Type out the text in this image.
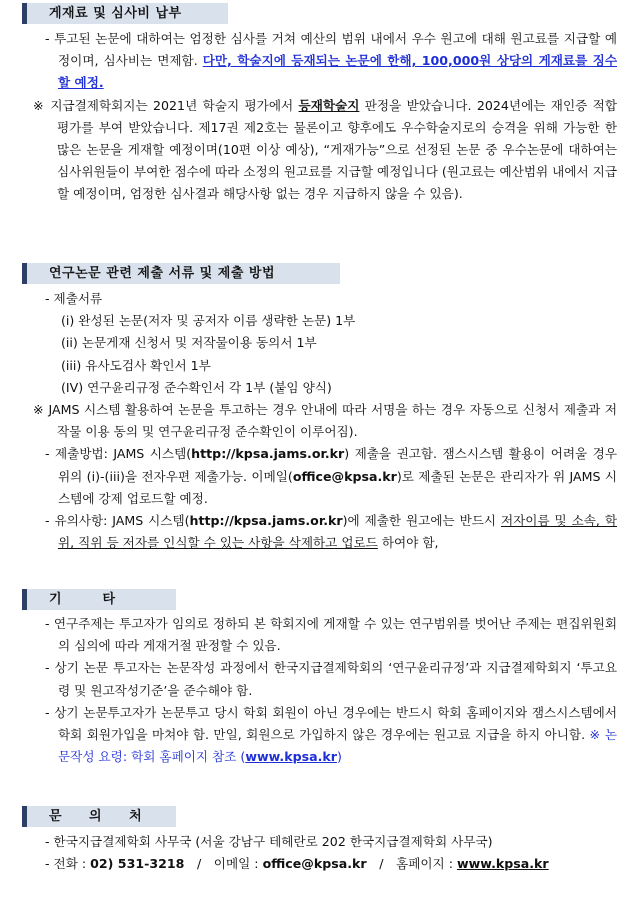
게재료 및 심사비 납부

- 투고된 논문에 대하여는 엄정한 심사를 거쳐 예산의 범위 내에서 우수 원고에 대해 원고료를 지급할 예정이며, 심사비는 면제함. 다만, 학술지에 등재되는 논문에 한해, 100,000원 상당의 게재료를 징수할 예정.

※ 지급결제학회지는 2021년 학술지 평가에서 등재학술지 판정을 받았습니다. 2024년에는 재인증 적합 평가를 부여 받았습니다. 제17권 제2호는 물론이고 향후에도 우수학술지로의 승격을 위해 가능한 한 많은 논문을 게재할 예정이며(10편 이상 예상), “게재가능”으로 선정된 논문 중 우수논문에 대하여는 심사위원들이 부여한 점수에 따라 소정의 원고료를 지급할 예정입니다 (원고료는 예산범위 내에서 지급할 예정이며, 엄정한 심사결과 해당사항 없는 경우 지급하지 않을 수 있음).

연구논문 관련 제출 서류 및 제출 방법

- 제출서류

(i) 완성된 논문(저자 및 공저자 이름 생략한 논문) 1부

(ii) 논문게재 신청서 및 저작물이용 동의서 1부

(iii) 유사도검사 확인서 1부

(IV) 연구윤리규정 준수확인서 각 1부 (붙임 양식)

※ JAMS 시스템 활용하여 논문을 투고하는 경우 안내에 따라 서명을 하는 경우 자동으로 신청서 제출과 저작물 이용 동의 및 연구윤리규정 준수확인이 이루어짐).

- 제출방법: JAMS 시스템(http://kpsa.jams.or.kr) 제출을 권고함. 잼스시스템 활용이 어려울 경우 위의 (i)-(iii)을 전자우편 제출가능. 이메일(office@kpsa.kr)로 제출된 논문은 관리자가 위 JAMS 시스템에 강제 업로드할 예정.

- 유의사항: JAMS 시스템(http://kpsa.jams.or.kr)에 제출한 원고에는 반드시 저자이름 및 소속, 학위, 직위 등 저자를 인식할 수 있는 사항을 삭제하고 업로드 하여야 함,

기　　　타

- 연구주제는 투고자가 임의로 정하되 본 학회지에 게재할 수 있는 연구범위를 벗어난 주제는 편집위원회의 심의에 따라 게재거절 판정할 수 있음.

- 상기 논문 투고자는 논문작성 과정에서 한국지급결제학회의 ‘연구윤리규정’과 지급결제학회지 ‘투고요령 및 원고작성기준’을 준수해야 함.

- 상기 논문투고자가 논문투고 당시 학회 회원이 아닌 경우에는 반드시 학회 홈페이지와 잼스시스템에서 학회 회원가입을 마쳐야 함. 만일, 회원으로 가입하지 않은 경우에는 원고료 지급을 하지 아니함. ※ 논문작성 요령: 학회 홈페이지 참조 (www.kpsa.kr)

문　　의　　처

- 한국지급결제학회 사무국 (서울 강남구 테헤란로 202 한국지급결제학회 사무국)

- 전화 : 02) 531-3218　/　이메일 : office@kpsa.kr　/　홈페이지 : www.kpsa.kr
